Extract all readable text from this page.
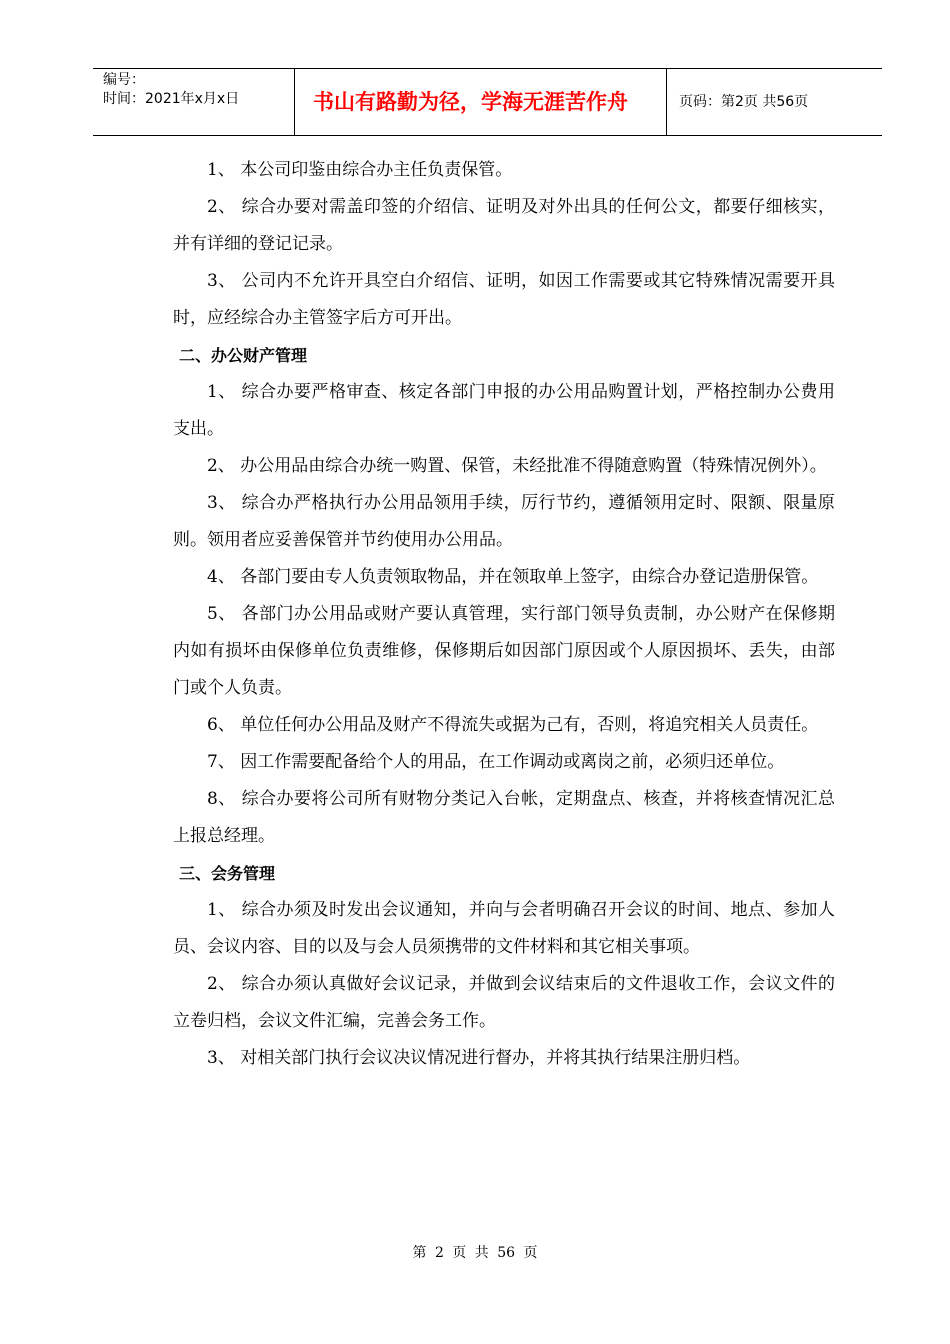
编号：
时间：2021年x月x日	书山有路勤为径，学海无涯苦作舟	页码：第2页 共56页

1、 本公司印鉴由综合办主任负责保管。

2、 综合办要对需盖印签的介绍信、证明及对外出具的任何公文，都要仔细核实，并有详细的登记记录。

3、 公司内不允许开具空白介绍信、证明，如因工作需要或其它特殊情况需要开具时，应经综合办主管签字后方可开出。

二、办公财产管理

1、 综合办要严格审查、核定各部门申报的办公用品购置计划，严格控制办公费用支出。

2、 办公用品由综合办统一购置、保管，未经批准不得随意购置（特殊情况例外）。

3、 综合办严格执行办公用品领用手续，厉行节约，遵循领用定时、限额、限量原则。领用者应妥善保管并节约使用办公用品。

4、 各部门要由专人负责领取物品，并在领取单上签字，由综合办登记造册保管。

5、 各部门办公用品或财产要认真管理，实行部门领导负责制，办公财产在保修期内如有损坏由保修单位负责维修，保修期后如因部门原因或个人原因损坏、丢失，由部门或个人负责。

6、 单位任何办公用品及财产不得流失或据为己有，否则，将追究相关人员责任。

7、 因工作需要配备给个人的用品，在工作调动或离岗之前，必须归还单位。

8、 综合办要将公司所有财物分类记入台帐，定期盘点、核查，并将核查情况汇总上报总经理。

三、会务管理

1、 综合办须及时发出会议通知，并向与会者明确召开会议的时间、地点、参加人员、会议内容、目的以及与会人员须携带的文件材料和其它相关事项。

2、 综合办须认真做好会议记录，并做到会议结束后的文件退收工作，会议文件的立卷归档，会议文件汇编，完善会务工作。

3、 对相关部门执行会议决议情况进行督办，并将其执行结果注册归档。

第 2 页 共 56 页
